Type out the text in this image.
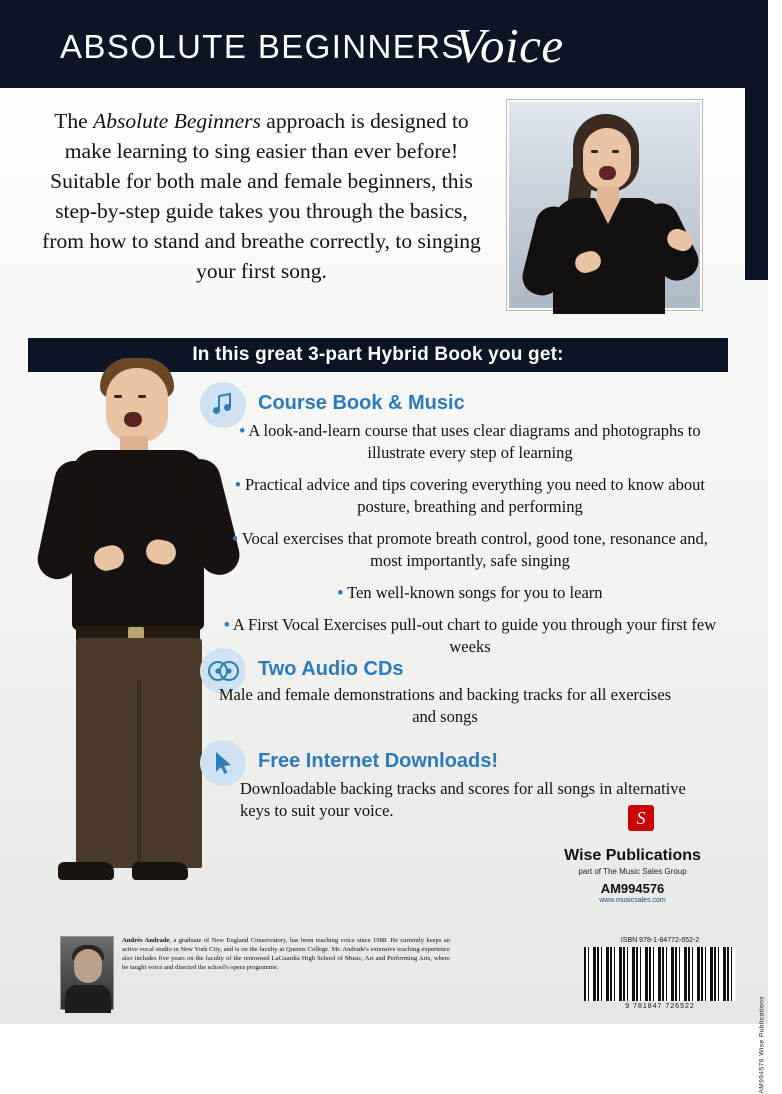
ABSOLUTE BEGINNERS
Voice
AM994576 Wise Publications
The Absolute Beginners approach is designed to make learning to sing easier than ever before! Suitable for both male and female beginners, this step-by-step guide takes you through the basics, from how to stand and breathe correctly, to singing your first song.
In this great 3-part Hybrid Book you get:
Course Book & Music

• A look-and-learn course that uses clear diagrams and photographs to illustrate every step of learning

• Practical advice and tips covering everything you need to know about posture, breathing and performing

• Vocal exercises that promote breath control, good tone, resonance and, most importantly, safe singing

• Ten well-known songs for you to learn

• A First Vocal Exercises pull-out chart to guide you through your first few weeks

Two Audio CDs

Male and female demonstrations and backing tracks for all exercises and songs

Free Internet Downloads!

Downloadable backing tracks and scores for all songs in alternative keys to suit your voice.	S
Wise Publications
part of The Music Sales Group
AM994576
www.musicsales.com
ISBN 978-1-84772-652-2
9 781847 726522
Andrés Andrade, a graduate of New England Conservatory, has been teaching voice since 1988. He currently keeps an active vocal studio in New York City, and is on the faculty at Queens College. Mr. Andrade's extensive teaching experience also includes five years on the faculty of the renowned LaGuardia High School of Music, Art and Performing Arts, where he taught voice and directed the school's opera programme.
